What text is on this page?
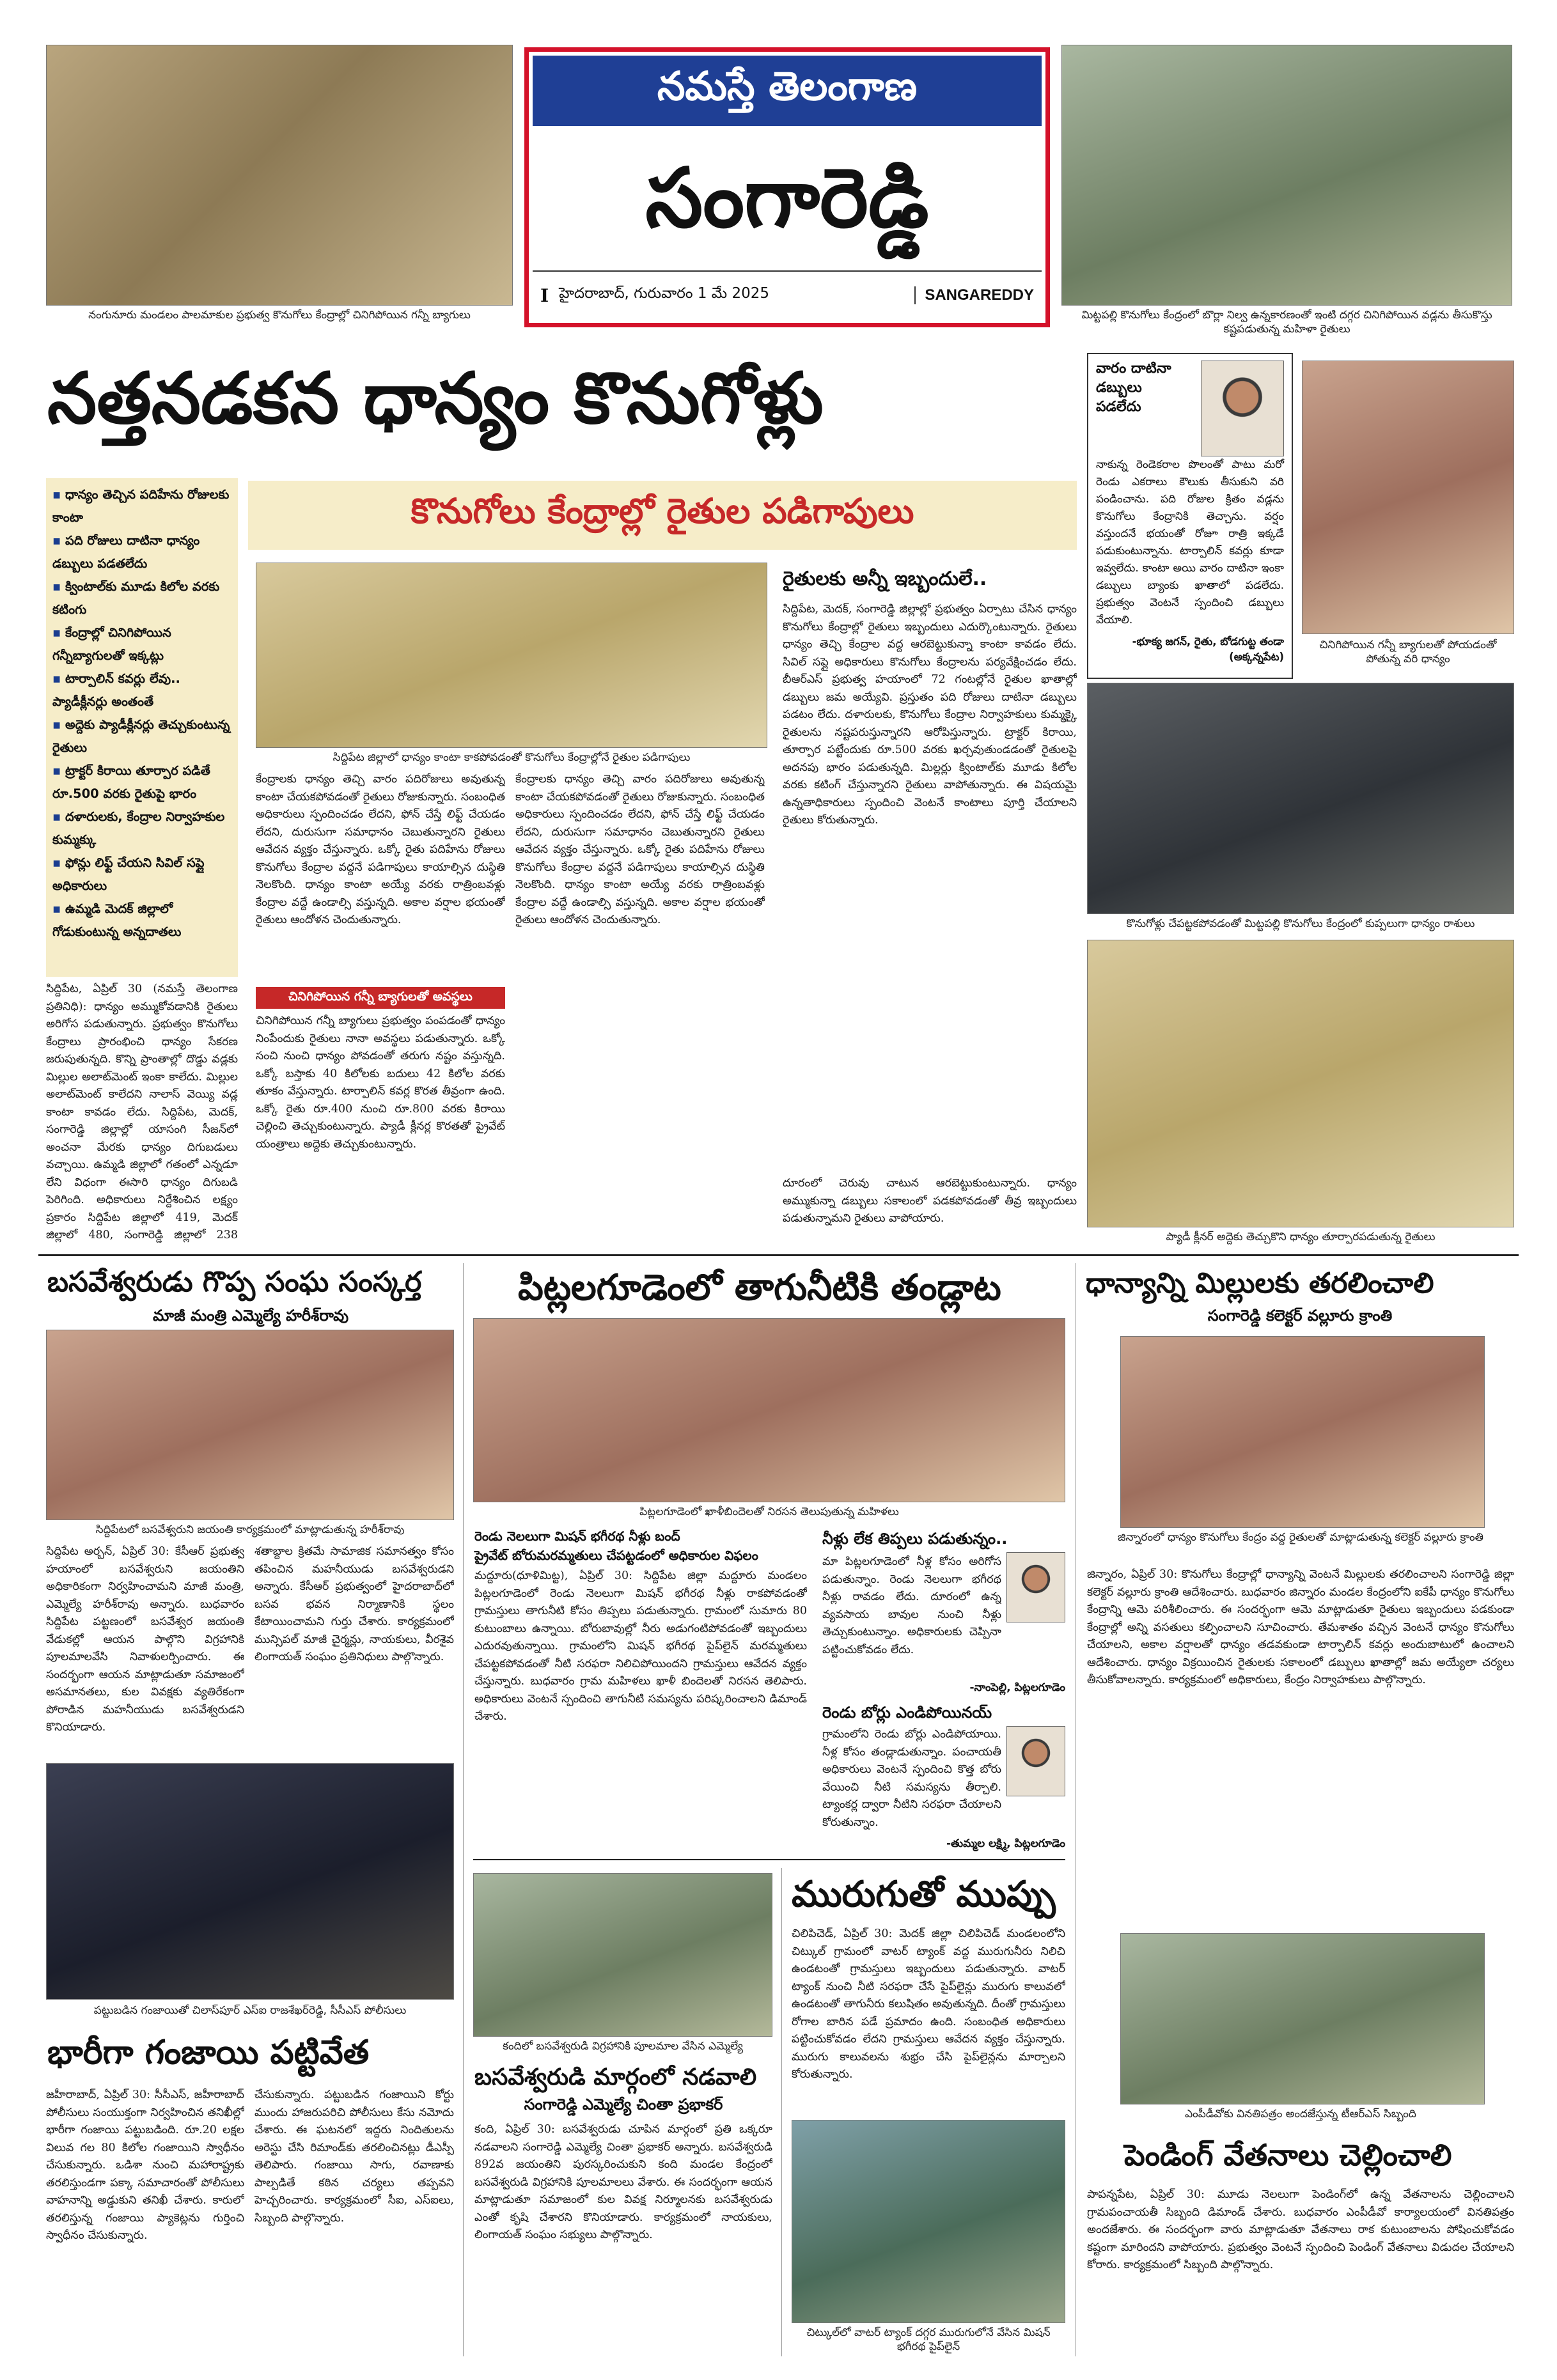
నంగునూరు మండలం పాలమాకుల ప్రభుత్వ కొనుగోలు కేంద్రాల్లో చినిగిపోయిన గన్నీ బ్యాగులు
నమస్తే తెలంగాణ
సంగారెడ్డి
I హైదరాబాద్, గురువారం 1 మే 2025	SANGAREDDY
మిట్టపల్లి కొనుగోలు కేంద్రంలో బొర్లా నిల్వ ఉన్నకారణంతో ఇంటి దగ్గర చినిగిపోయిన వడ్లను తీసుకొస్తు కష్టపడుతున్న మహిళా రైతులు
నత్తనడకన ధాన్యం కొనుగోళ్లు
▪ ధాన్యం తెచ్చిన పదిహేను రోజులకు కాంటా
▪ పది రోజులు దాటినా ధాన్యం డబ్బులు పడతలేదు
▪ క్వింటాల్‌కు మూడు కిలోల వరకు కటింగు
▪ కేంద్రాల్లో చినిగిపోయిన గన్నీబ్యాగులతో ఇక్కట్లు
▪ టార్పాలిన్ కవర్లు లేవు.. ప్యాడీక్లీనర్లు అంతంతే
▪ అద్దెకు ప్యాడీక్లీనర్లు తెచ్చుకుంటున్న రైతులు
▪ ట్రాక్టర్ కిరాయి తూర్పార పడితే రూ.500 వరకు రైతుపై భారం
▪ దళారులకు, కేంద్రాల నిర్వాహకుల కుమ్మక్కు
▪ ఫోన్లు లిఫ్ట్ చేయని సివిల్ సప్లై అధికారులు
▪ ఉమ్మడి మెదక్ జిల్లాలో గోడుకుంటున్న అన్నదాతలు
సిద్దిపేట, ఏప్రిల్ 30 (నమస్తే తెలంగాణ ప్రతినిధి): ధాన్యం అమ్ముకోవడానికి రైతులు అరిగోస పడుతున్నారు. ప్రభుత్వం కొనుగోలు కేంద్రాలు ప్రారంభించి ధాన్యం సేకరణ జరుపుతున్నది. కొన్ని ప్రాంతాల్లో దొడ్డు వడ్లకు మిల్లుల అలాట్‌మెంట్ ఇంకా కాలేదు. మిల్లుల అలాట్‌మెంట్ కాలేదని నాలాస్ వెయ్యి వడ్ల కాంటా కావడం లేదు. సిద్దిపేట, మెదక్, సంగారెడ్డి జిల్లాల్లో యాసంగి సీజన్‌లో అంచనా మేరకు ధాన్యం దిగుబడులు వచ్చాయి. ఉమ్మడి జిల్లాలో గతంలో ఎన్నడూ లేని విధంగా ఈసారి ధాన్యం దిగుబడి పెరిగింది. అధికారులు నిర్దేశించిన లక్ష్యం ప్రకారం సిద్దిపేట జిల్లాలో 419, మెదక్ జిల్లాలో 480, సంగారెడ్డి జిల్లాలో 238
కొనుగోలు కేంద్రాల్లో రైతుల పడిగాపులు
సిద్దిపేట జిల్లాలో ధాన్యం కాంటా కాకపోవడంతో కొనుగోలు కేంద్రాల్లోనే రైతుల పడిగాపులు
కేంద్రాలకు ధాన్యం తెచ్చి వారం పదిరోజులు అవుతున్న కాంటా చేయకపోవడంతో రైతులు రోజుకున్నారు. సంబంధిత అధికారులు స్పందించడం లేదని, ఫోన్ చేస్తే లిఫ్ట్ చేయడం లేదని, దురుసుగా సమాధానం చెబుతున్నారని రైతులు ఆవేదన వ్యక్తం చేస్తున్నారు. ఒక్కో రైతు పదిహేను రోజులు కొనుగోలు కేంద్రాల వద్దనే పడిగాపులు కాయాల్సిన దుస్థితి నెలకొంది. ధాన్యం కాంటా అయ్యే వరకు రాత్రింబవళ్లు కేంద్రాల వద్దే ఉండాల్సి వస్తున్నది. అకాల వర్షాల భయంతో రైతులు ఆందోళన చెందుతున్నారు.
చినిగిపోయిన గన్నీ బ్యాగులతో అవస్థలు
చినిగిపోయిన గన్నీ బ్యాగులు ప్రభుత్వం పంపడంతో ధాన్యం నింపేందుకు రైతులు నానా అవస్థలు పడుతున్నారు. ఒక్కో సంచి నుంచి ధాన్యం పోవడంతో తరుగు నష్టం వస్తున్నది. ఒక్కో బస్తాకు 40 కిలోలకు బదులు 42 కిలోల వరకు తూకం వేస్తున్నారు. టార్పాలిన్ కవర్ల కొరత తీవ్రంగా ఉంది. ఒక్కో రైతు రూ.400 నుంచి రూ.800 వరకు కిరాయి చెల్లించి తెచ్చుకుంటున్నారు. ప్యాడీ క్లీనర్ల కొరతతో ప్రైవేట్ యంత్రాలు అద్దెకు తెచ్చుకుంటున్నారు.
కేంద్రాలకు ధాన్యం తెచ్చి వారం పదిరోజులు అవుతున్న కాంటా చేయకపోవడంతో రైతులు రోజుకున్నారు. సంబంధిత అధికారులు స్పందించడం లేదని, ఫోన్ చేస్తే లిఫ్ట్ చేయడం లేదని, దురుసుగా సమాధానం చెబుతున్నారని రైతులు ఆవేదన వ్యక్తం చేస్తున్నారు. ఒక్కో రైతు పదిహేను రోజులు కొనుగోలు కేంద్రాల వద్దనే పడిగాపులు కాయాల్సిన దుస్థితి నెలకొంది. ధాన్యం కాంటా అయ్యే వరకు రాత్రింబవళ్లు కేంద్రాల వద్దే ఉండాల్సి వస్తున్నది. అకాల వర్షాల భయంతో రైతులు ఆందోళన చెందుతున్నారు.
రైతులకు అన్నీ ఇబ్బందులే..
సిద్దిపేట, మెదక్, సంగారెడ్డి జిల్లాల్లో ప్రభుత్వం ఏర్పాటు చేసిన ధాన్యం కొనుగోలు కేంద్రాల్లో రైతులు ఇబ్బందులు ఎదుర్కొంటున్నారు. రైతులు ధాన్యం తెచ్చి కేంద్రాల వద్ద ఆరబెట్టుకున్నా కాంటా కావడం లేదు. సివిల్ సప్లై అధికారులు కొనుగోలు కేంద్రాలను పర్యవేక్షించడం లేదు. బీఆర్ఎస్ ప్రభుత్వ హయాంలో 72 గంటల్లోనే రైతుల ఖాతాల్లో డబ్బులు జమ అయ్యేవి. ప్రస్తుతం పది రోజులు దాటినా డబ్బులు పడటం లేదు. దళారులకు, కొనుగోలు కేంద్రాల నిర్వాహకులు కుమ్మక్కై రైతులను నష్టపరుస్తున్నారని ఆరోపిస్తున్నారు. ట్రాక్టర్ కిరాయి, తూర్పార పట్టేందుకు రూ.500 వరకు ఖర్చవుతుండడంతో రైతులపై అదనపు భారం పడుతున్నది. మిల్లర్లు క్వింటాల్‌కు మూడు కిలోల వరకు కటింగ్ చేస్తున్నారని రైతులు వాపోతున్నారు. ఈ విషయమై ఉన్నతాధికారులు స్పందించి వెంటనే కాంటాలు పూర్తి చేయాలని రైతులు కోరుతున్నారు.
దూరంలో చెరువు చాటున ఆరబెట్టుకుంటున్నారు. ధాన్యం అమ్ముకున్నా డబ్బులు సకాలంలో పడకపోవడంతో తీవ్ర ఇబ్బందులు పడుతున్నామని రైతులు వాపోయారు.
వారం దాటినా డబ్బులు పడలేదు
నాకున్న రెండెకరాల పొలంతో పాటు మరో రెండు ఎకరాలు కౌలుకు తీసుకుని వరి పండించాను. పది రోజుల క్రితం వడ్లను కొనుగోలు కేంద్రానికి తెచ్చాను. వర్షం వస్తుందనే భయంతో రోజూ రాత్రి ఇక్కడే పడుకుంటున్నాను. టార్పాలిన్ కవర్లు కూడా ఇవ్వలేదు. కాంటా అయి వారం దాటినా ఇంకా డబ్బులు బ్యాంకు ఖాతాలో పడలేదు. ప్రభుత్వం వెంటనే స్పందించి డబ్బులు వేయాలి.
-భూక్య జగన్, రైతు, బోడగుట్ట తండా (అక్కన్నపేట)
చినిగిపోయిన గన్నీ బ్యాగులతో పోయడంతో పోతున్న వరి ధాన్యం
కొనుగోళ్లు చేపట్టకపోవడంతో మిట్టపల్లి కొనుగోలు కేంద్రంలో కుప్పలుగా ధాన్యం రాశులు
ప్యాడీ క్లీనర్ అద్దెకు తెచ్చుకొని ధాన్యం తూర్పారపడుతున్న రైతులు
బసవేశ్వరుడు గొప్ప సంఘ సంస్కర్త
మాజీ మంత్రి ఎమ్మెల్యే హరీశ్‌రావు
సిద్దిపేటలో బసవేశ్వరుని జయంతి కార్యక్రమంలో మాట్లాడుతున్న హరీశ్‌రావు
సిద్దిపేట అర్బన్, ఏప్రిల్ 30: కేసీఆర్ ప్రభుత్వ హయాంలో బసవేశ్వరుని జయంతిని అధికారికంగా నిర్వహించామని మాజీ మంత్రి, ఎమ్మెల్యే హరీశ్‌రావు అన్నారు. బుధవారం సిద్దిపేట పట్టణంలో బసవేశ్వర జయంతి వేడుకల్లో ఆయన పాల్గొని విగ్రహానికి పూలమాలవేసి నివాళులర్పించారు. ఈ సందర్భంగా ఆయన మాట్లాడుతూ సమాజంలో అసమానతలు, కుల వివక్షకు వ్యతిరేకంగా పోరాడిన మహనీయుడు బసవేశ్వరుడని కొనియాడారు.
శతాబ్దాల క్రితమే సామాజిక సమానత్వం కోసం తపించిన మహనీయుడు బసవేశ్వరుడని అన్నారు. కేసీఆర్ ప్రభుత్వంలో హైదరాబాద్‌లో బసవ భవన నిర్మాణానికి స్థలం కేటాయించామని గుర్తు చేశారు. కార్యక్రమంలో మున్సిపల్ మాజీ చైర్మన్లు, నాయకులు, వీరశైవ లింగాయత్ సంఘం ప్రతినిధులు పాల్గొన్నారు.
పట్టుబడిన గంజాయితో చిలాస్‌పూర్ ఎస్ఐ రాజశేఖర్‌రెడ్డి, సీసీఎస్ పోలీసులు
భారీగా గంజాయి పట్టివేత
జహీరాబాద్, ఏప్రిల్ 30: సీసీఎస్, జహీరాబాద్ పోలీసులు సంయుక్తంగా నిర్వహించిన తనిఖీల్లో భారీగా గంజాయి పట్టుబడింది. రూ.20 లక్షల విలువ గల 80 కిలోల గంజాయిని స్వాధీనం చేసుకున్నారు. ఒడిశా నుంచి మహారాష్ట్రకు తరలిస్తుండగా పక్కా సమాచారంతో పోలీసులు వాహనాన్ని అడ్డుకుని తనిఖీ చేశారు. కారులో తరలిస్తున్న గంజాయి ప్యాకెట్లను గుర్తించి స్వాధీనం చేసుకున్నారు.
చేసుకున్నారు. పట్టుబడిన గంజాయిని కోర్టు ముందు హాజరుపరిచి పోలీసులు కేసు నమోదు చేశారు. ఈ ఘటనలో ఇద్దరు నిందితులను అరెస్టు చేసి రిమాండ్‌కు తరలించినట్లు డీఎస్పీ తెలిపారు. గంజాయి సాగు, రవాణాకు పాల్పడితే కఠిన చర్యలు తప్పవని హెచ్చరించారు. కార్యక్రమంలో సీఐ, ఎస్ఐలు, సిబ్బంది పాల్గొన్నారు.
పిట్లలగూడెంలో తాగునీటికి తండ్లాట
పిట్లలగూడెంలో ఖాళీబిందెలతో నిరసన తెలుపుతున్న మహిళలు
రెండు నెలలుగా మిషన్ భగీరథ నీళ్లు బంద్
ప్రైవేట్ బోరుమరమ్మతులు చేపట్టడంలో అధికారుల విఫలం
మద్దూరు(ధూళిమిట్ట), ఏప్రిల్ 30: సిద్దిపేట జిల్లా మద్దూరు మండలం పిట్లలగూడెంలో రెండు నెలలుగా మిషన్ భగీరథ నీళ్లు రాకపోవడంతో గ్రామస్తులు తాగునీటి కోసం తిప్పలు పడుతున్నారు. గ్రామంలో సుమారు 80 కుటుంబాలు ఉన్నాయి. బోరుబావుల్లో నీరు అడుగంటిపోవడంతో ఇబ్బందులు ఎదురవుతున్నాయి. గ్రామంలోని మిషన్ భగీరథ పైప్‌లైన్ మరమ్మతులు చేపట్టకపోవడంతో నీటి సరఫరా నిలిచిపోయిందని గ్రామస్తులు ఆవేదన వ్యక్తం చేస్తున్నారు. బుధవారం గ్రామ మహిళలు ఖాళీ బిందెలతో నిరసన తెలిపారు. అధికారులు వెంటనే స్పందించి తాగునీటి సమస్యను పరిష్కరించాలని డిమాండ్ చేశారు.
నీళ్లు లేక తిప్పలు పడుతున్నం..
మా పిట్లలగూడెంలో నీళ్ల కోసం అరిగోస పడుతున్నాం. రెండు నెలలుగా భగీరథ నీళ్లు రావడం లేదు. దూరంలో ఉన్న వ్యవసాయ బావుల నుంచి నీళ్లు తెచ్చుకుంటున్నాం. అధికారులకు చెప్పినా పట్టించుకోవడం లేదు.
-నాంపెల్లి, పిట్లలగూడెం
రెండు బోర్లు ఎండిపోయినయ్
గ్రామంలోని రెండు బోర్లు ఎండిపోయాయి. నీళ్ల కోసం తండ్లాడుతున్నాం. పంచాయతీ అధికారులు వెంటనే స్పందించి కొత్త బోరు వేయించి నీటి సమస్యను తీర్చాలి. ట్యాంకర్ల ద్వారా నీటిని సరఫరా చేయాలని కోరుతున్నాం.
-తుమ్మల లక్ష్మి, పిట్లలగూడెం
కందిలో బసవేశ్వరుడి విగ్రహానికి పూలమాల వేసిన ఎమ్మెల్యే
బసవేశ్వరుడి మార్గంలో నడవాలి
సంగారెడ్డి ఎమ్మెల్యే చింతా ప్రభాకర్
కంది, ఏప్రిల్ 30: బసవేశ్వరుడు చూపిన మార్గంలో ప్రతి ఒక్కరూ నడవాలని సంగారెడ్డి ఎమ్మెల్యే చింతా ప్రభాకర్ అన్నారు. బసవేశ్వరుడి 892వ జయంతిని పురస్కరించుకుని కంది మండల కేంద్రంలో బసవేశ్వరుడి విగ్రహానికి పూలమాలలు వేశారు. ఈ సందర్భంగా ఆయన మాట్లాడుతూ సమాజంలో కుల వివక్ష నిర్మూలనకు బసవేశ్వరుడు ఎంతో కృషి చేశారని కొనియాడారు. కార్యక్రమంలో నాయకులు, లింగాయత్ సంఘం సభ్యులు పాల్గొన్నారు.
మురుగుతో ముప్పు
చిలిపిచెడ్, ఏప్రిల్ 30: మెదక్ జిల్లా చిలిపిచెడ్ మండలంలోని చిట్కుల్ గ్రామంలో వాటర్ ట్యాంక్ వద్ద మురుగునీరు నిలిచి ఉండటంతో గ్రామస్తులు ఇబ్బందులు పడుతున్నారు. వాటర్ ట్యాంక్ నుంచి నీటి సరఫరా చేసే పైప్‌లైన్లు మురుగు కాలువలో ఉండటంతో తాగునీరు కలుషితం అవుతున్నది. దీంతో గ్రామస్తులు రోగాల బారిన పడే ప్రమాదం ఉంది. సంబంధిత అధికారులు పట్టించుకోవడం లేదని గ్రామస్తులు ఆవేదన వ్యక్తం చేస్తున్నారు. మురుగు కాలువలను శుభ్రం చేసి పైప్‌లైన్లను మార్చాలని కోరుతున్నారు.
చిట్కుల్‌లో వాటర్ ట్యాంక్ దగ్గర మురుగులోనే వేసిన మిషన్ భగీరథ పైప్‌లైన్
ధాన్యాన్ని మిల్లులకు తరలించాలి
సంగారెడ్డి కలెక్టర్ వల్లూరు క్రాంతి
జిన్నారంలో ధాన్యం కొనుగోలు కేంద్రం వద్ద రైతులతో మాట్లాడుతున్న కలెక్టర్ వల్లూరు క్రాంతి
జిన్నారం, ఏప్రిల్ 30: కొనుగోలు కేంద్రాల్లో ధాన్యాన్ని వెంటనే మిల్లులకు తరలించాలని సంగారెడ్డి జిల్లా కలెక్టర్ వల్లూరు క్రాంతి ఆదేశించారు. బుధవారం జిన్నారం మండల కేంద్రంలోని ఐకేపీ ధాన్యం కొనుగోలు కేంద్రాన్ని ఆమె పరిశీలించారు. ఈ సందర్భంగా ఆమె మాట్లాడుతూ రైతులు ఇబ్బందులు పడకుండా కేంద్రాల్లో అన్ని వసతులు కల్పించాలని సూచించారు. తేమశాతం వచ్చిన వెంటనే ధాన్యం కొనుగోలు చేయాలని, అకాల వర్షాలతో ధాన్యం తడవకుండా టార్పాలిన్ కవర్లు అందుబాటులో ఉంచాలని ఆదేశించారు. ధాన్యం విక్రయించిన రైతులకు సకాలంలో డబ్బులు ఖాతాల్లో జమ అయ్యేలా చర్యలు తీసుకోవాలన్నారు. కార్యక్రమంలో అధికారులు, కేంద్రం నిర్వాహకులు పాల్గొన్నారు.
ఎంపీడీవోకు వినతిపత్రం అందజేస్తున్న టీఆర్ఎస్ సిబ్బంది
పెండింగ్ వేతనాలు చెల్లించాలి
పాపన్నపేట, ఏప్రిల్ 30: మూడు నెలలుగా పెండింగ్‌లో ఉన్న వేతనాలను చెల్లించాలని గ్రామపంచాయతీ సిబ్బంది డిమాండ్ చేశారు. బుధవారం ఎంపీడీవో కార్యాలయంలో వినతిపత్రం అందజేశారు. ఈ సందర్భంగా వారు మాట్లాడుతూ వేతనాలు రాక కుటుంబాలను పోషించుకోవడం కష్టంగా మారిందని వాపోయారు. ప్రభుత్వం వెంటనే స్పందించి పెండింగ్ వేతనాలు విడుదల చేయాలని కోరారు. కార్యక్రమంలో సిబ్బంది పాల్గొన్నారు.
